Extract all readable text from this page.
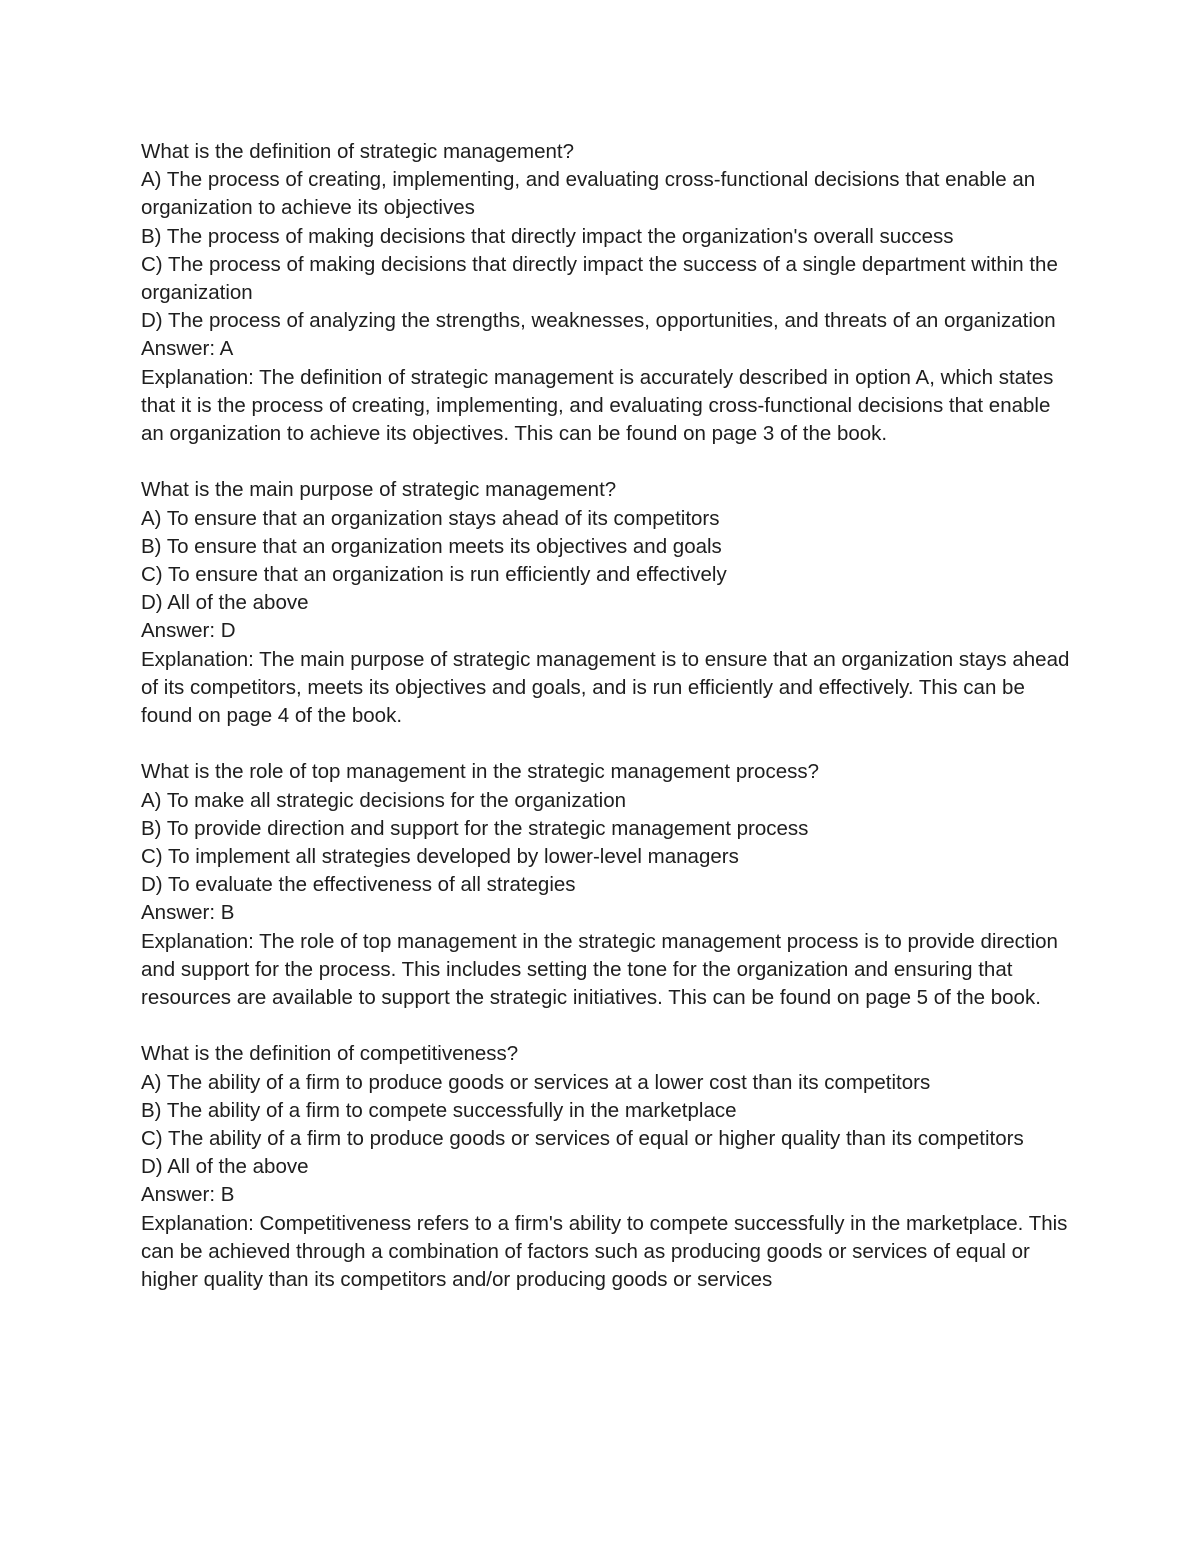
What is the definition of strategic management?

A) The process of creating, implementing, and evaluating cross-functional decisions that enable an organization to achieve its objectives

B) The process of making decisions that directly impact the organization's overall success

C) The process of making decisions that directly impact the success of a single department within the organization

D) The process of analyzing the strengths, weaknesses, opportunities, and threats of an organization

Answer: A

Explanation: The definition of strategic management is accurately described in option A, which states that it is the process of creating, implementing, and evaluating cross-functional decisions that enable an organization to achieve its objectives. This can be found on page 3 of the book.

What is the main purpose of strategic management?

A) To ensure that an organization stays ahead of its competitors

B) To ensure that an organization meets its objectives and goals

C) To ensure that an organization is run efficiently and effectively

D) All of the above

Answer: D

Explanation: The main purpose of strategic management is to ensure that an organization stays ahead of its competitors, meets its objectives and goals, and is run efficiently and effectively. This can be found on page 4 of the book.

What is the role of top management in the strategic management process?

A) To make all strategic decisions for the organization

B) To provide direction and support for the strategic management process

C) To implement all strategies developed by lower-level managers

D) To evaluate the effectiveness of all strategies

Answer: B

Explanation: The role of top management in the strategic management process is to provide direction and support for the process. This includes setting the tone for the organization and ensuring that resources are available to support the strategic initiatives. This can be found on page 5 of the book.

What is the definition of competitiveness?

A) The ability of a firm to produce goods or services at a lower cost than its competitors

B) The ability of a firm to compete successfully in the marketplace

C) The ability of a firm to produce goods or services of equal or higher quality than its competitors

D) All of the above

Answer: B

Explanation: Competitiveness refers to a firm's ability to compete successfully in the marketplace. This can be achieved through a combination of factors such as producing goods or services of equal or higher quality than its competitors and/or producing goods or services
